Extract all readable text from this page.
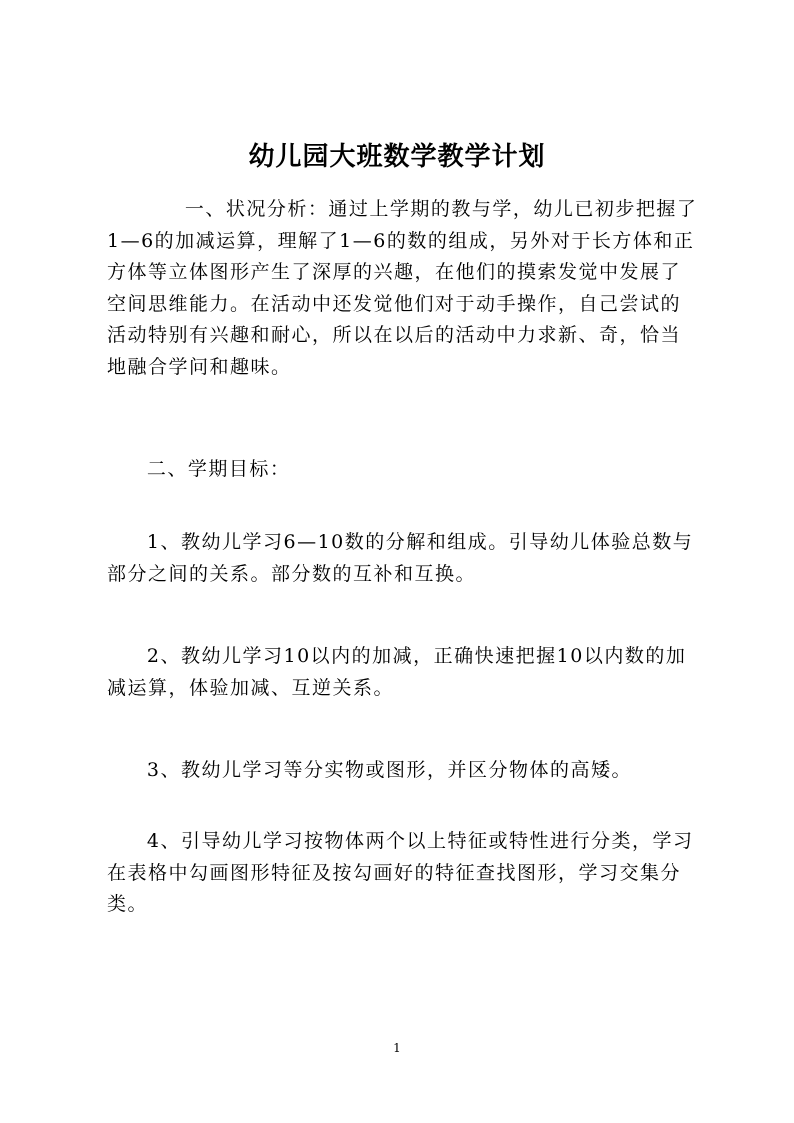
幼儿园大班数学教学计划

一、状况分析：通过上学期的教与学，幼儿已初步把握了1—6的加减运算，理解了1—6的数的组成，另外对于长方体和正方体等立体图形产生了深厚的兴趣，在他们的摸索发觉中发展了空间思维能力。在活动中还发觉他们对于动手操作，自己尝试的活动特别有兴趣和耐心，所以在以后的活动中力求新、奇，恰当地融合学问和趣味。

二、学期目标：

1、教幼儿学习6—10数的分解和组成。引导幼儿体验总数与部分之间的关系。部分数的互补和互换。

2、教幼儿学习10以内的加减，正确快速把握10以内数的加减运算，体验加减、互逆关系。

3、教幼儿学习等分实物或图形，并区分物体的高矮。

4、引导幼儿学习按物体两个以上特征或特性进行分类，学习在表格中勾画图形特征及按勾画好的特征查找图形，学习交集分类。

1
